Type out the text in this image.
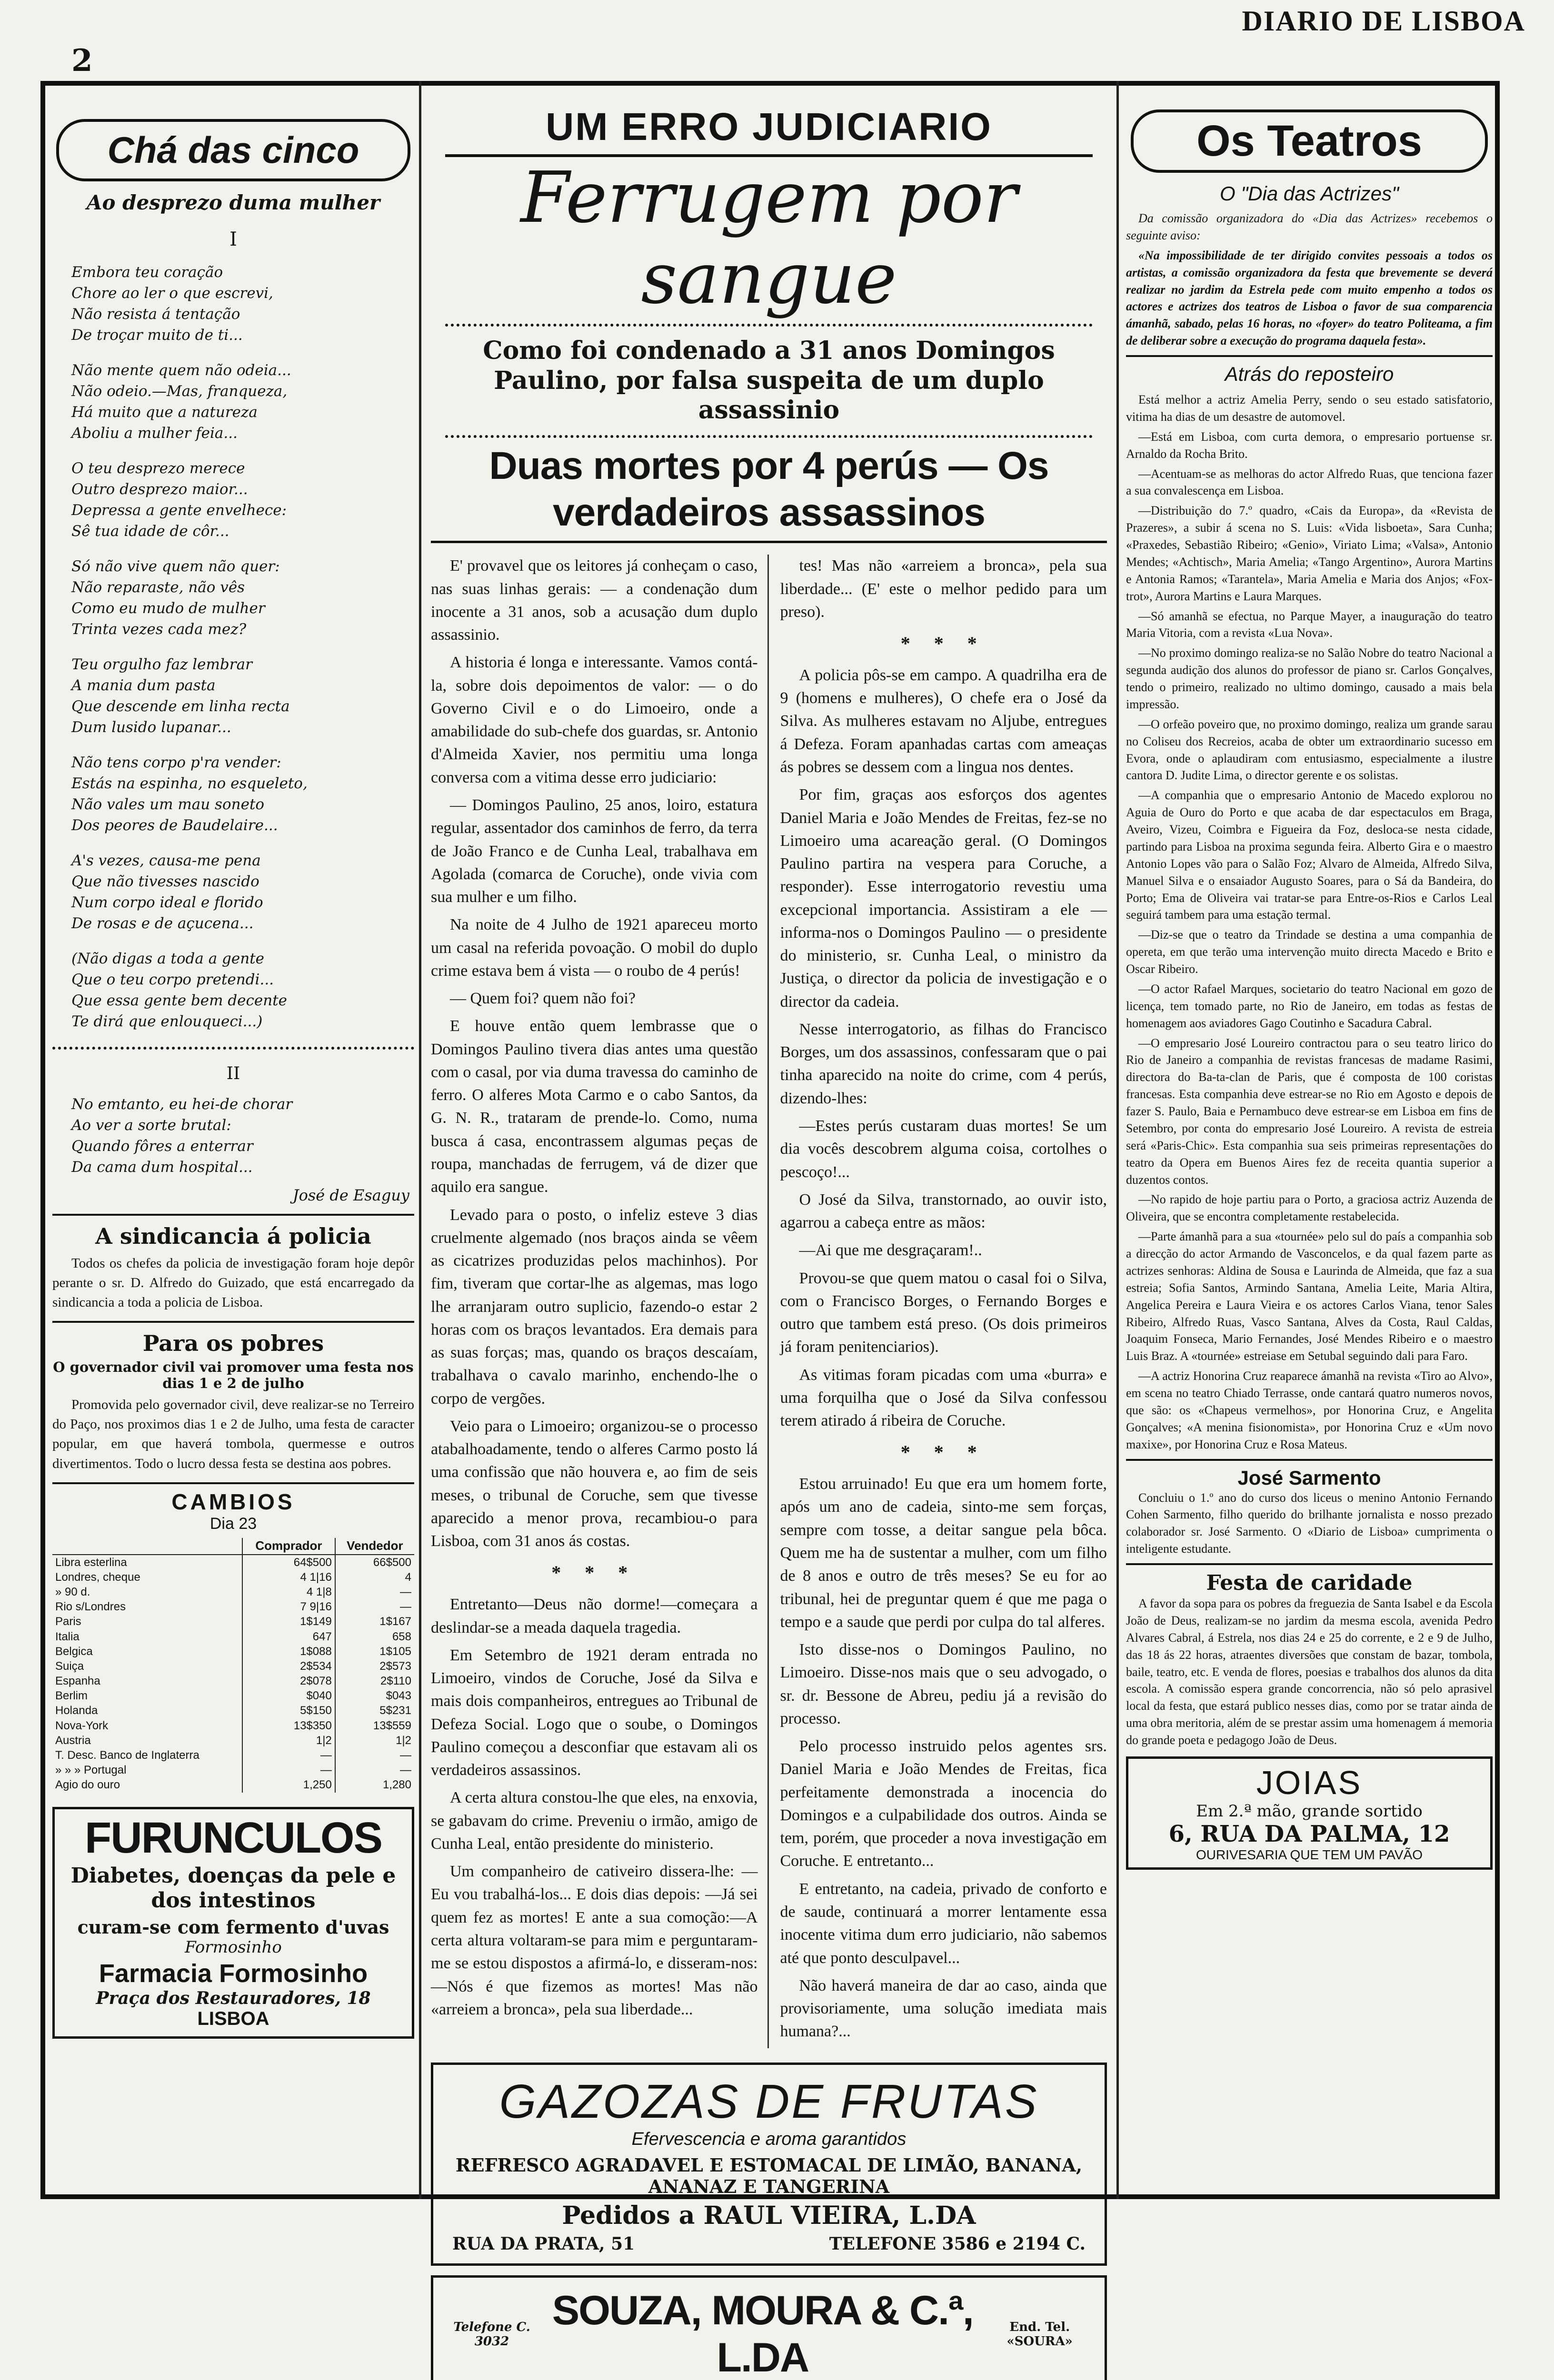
2
DIARIO DE LISBOA
Chá das cinco
Ao desprezo duma mulher
I

Embora teu coração

Chore ao ler o que escrevi,

Não resista á tentação

De troçar muito de ti...

Não mente quem não odeia...

Não odeio.—Mas, franqueza,

Há muito que a natureza

Aboliu a mulher feia...

O teu desprezo merece

Outro desprezo maior...

Depressa a gente envelhece:

Sê tua idade de côr...

Só não vive quem não quer:

Não reparaste, não vês

Como eu mudo de mulher

Trinta vezes cada mez?

Teu orgulho faz lembrar

A mania dum pasta

Que descende em linha recta

Dum lusido lupanar...

Não tens corpo p'ra vender:

Estás na espinha, no esqueleto,

Não vales um mau soneto

Dos peores de Baudelaire...

A's vezes, causa-me pena

Que não tivesses nascido

Num corpo ideal e florido

De rosas e de açucena...

(Não digas a toda a gente

Que o teu corpo pretendi...

Que essa gente bem decente

Te dirá que enlouqueci...)

II

No emtanto, eu hei-de chorar

Ao ver a sorte brutal:

Quando fôres a enterrar

Da cama dum hospital...

José de Esaguy
A sindicancia á policia

Todos os chefes da policia de investigação foram hoje depôr perante o sr. D. Alfredo do Guizado, que está encarregado da sindicancia a toda a policia de Lisboa.

Para os pobres
O governador civil vai promover uma festa nos dias 1 e 2 de julho

Promovida pelo governador civil, deve realizar-se no Terreiro do Paço, nos proximos dias 1 e 2 de Julho, uma festa de caracter popular, em que haverá tombola, quermesse e outros divertimentos. Todo o lucro dessa festa se destina aos pobres.

CAMBIOS
Dia 23
	Comprador	Vendedor
Libra esterlina	64$500	66$500
Londres, cheque	4 1|16	4
» 90 d.	4 1|8	—
Rio s/Londres	7 9|16	—
Paris	1$149	1$167
Italia	647	658
Belgica	1$088	1$105
Suiça	2$534	2$573
Espanha	2$078	2$110
Berlim	$040	$043
Holanda	5$150	5$231
Nova-York	13$350	13$559
Austria	1|2	1|2
T. Desc. Banco de Inglaterra	—	—
» » » Portugal	—	—
Agio do ouro	1,250	1,280
FURUNCULOS
Diabetes, doenças da pele e dos intestinos
curam-se com fermento d'uvas
Formosinho
Farmacia Formosinho
Praça dos Restauradores, 18
LISBOA
UM ERRO JUDICIARIO
Ferrugem por sangue
Como foi condenado a 31 anos Domingos Paulino, por falsa suspeita de um duplo assassinio
Duas mortes por 4 perús — Os verdadeiros assassinos

E' provavel que os leitores já conheçam o caso, nas suas linhas gerais: — a condenação dum inocente a 31 anos, sob a acusação dum duplo assassinio.

A historia é longa e interessante. Vamos contá-la, sobre dois depoimentos de valor: — o do Governo Civil e o do Limoeiro, onde a amabilidade do sub-chefe dos guardas, sr. Antonio d'Almeida Xavier, nos permitiu uma longa conversa com a vitima desse erro judiciario:

— Domingos Paulino, 25 anos, loiro, estatura regular, assentador dos caminhos de ferro, da terra de João Franco e de Cunha Leal, trabalhava em Agolada (comarca de Coruche), onde vivia com sua mulher e um filho.

Na noite de 4 Julho de 1921 apareceu morto um casal na referida povoação. O mobil do duplo crime estava bem á vista — o roubo de 4 perús!

— Quem foi? quem não foi?

E houve então quem lembrasse que o Domingos Paulino tivera dias antes uma questão com o casal, por via duma travessa do caminho de ferro. O alferes Mota Carmo e o cabo Santos, da G. N. R., trataram de prende-lo. Como, numa busca á casa, encontrassem algumas peças de roupa, manchadas de ferrugem, vá de dizer que aquilo era sangue.

Levado para o posto, o infeliz esteve 3 dias cruelmente algemado (nos braços ainda se vêem as cicatrizes produzidas pelos machinhos). Por fim, tiveram que cortar-lhe as algemas, mas logo lhe arranjaram outro suplicio, fazendo-o estar 2 horas com os braços levantados. Era demais para as suas forças; mas, quando os braços descaíam, trabalhava o cavalo marinho, enchendo-lhe o corpo de vergões.

Veio para o Limoeiro; organizou-se o processo atabalhoadamente, tendo o alferes Carmo posto lá uma confissão que não houvera e, ao fim de seis meses, o tribunal de Coruche, sem que tivesse aparecido a menor prova, recambiou-o para Lisboa, com 31 anos ás costas.

* * *

Entretanto—Deus não dorme!—começara a deslindar-se a meada daquela tragedia.

Em Setembro de 1921 deram entrada no Limoeiro, vindos de Coruche, José da Silva e mais dois companheiros, entregues ao Tribunal de Defeza Social. Logo que o soube, o Domingos Paulino começou a desconfiar que estavam ali os verdadeiros assassinos.

A certa altura constou-lhe que eles, na enxovia, se gabavam do crime. Preveniu o irmão, amigo de Cunha Leal, então presidente do ministerio.

Um companheiro de cativeiro dissera-lhe: —Eu vou trabalhá-los... E dois dias depois: —Já sei quem fez as mortes! E ante a sua comoção:—A certa altura voltaram-se para mim e perguntaram-me se estou dispostos a afirmá-lo, e disseram-nos:—Nós é que fizemos as mortes! Mas não «arreiem a bronca», pela sua liberdade...

tes! Mas não «arreiem a bronca», pela sua liberdade... (E' este o melhor pedido para um preso).

* * *

A policia pôs-se em campo. A quadrilha era de 9 (homens e mulheres), O chefe era o José da Silva. As mulheres estavam no Aljube, entregues á Defeza. Foram apanhadas cartas com ameaças ás pobres se dessem com a lingua nos dentes.

Por fim, graças aos esforços dos agentes Daniel Maria e João Mendes de Freitas, fez-se no Limoeiro uma acareação geral. (O Domingos Paulino partira na vespera para Coruche, a responder). Esse interrogatorio revestiu uma excepcional importancia. Assistiram a ele — informa-nos o Domingos Paulino — o presidente do ministerio, sr. Cunha Leal, o ministro da Justiça, o director da policia de investigação e o director da cadeia.

Nesse interrogatorio, as filhas do Francisco Borges, um dos assassinos, confessaram que o pai tinha aparecido na noite do crime, com 4 perús, dizendo-lhes:

—Estes perús custaram duas mortes! Se um dia vocês descobrem alguma coisa, cortolhes o pescoço!...

O José da Silva, transtornado, ao ouvir isto, agarrou a cabeça entre as mãos:

—Ai que me desgraçaram!..

Provou-se que quem matou o casal foi o Silva, com o Francisco Borges, o Fernando Borges e outro que tambem está preso. (Os dois primeiros já foram penitenciarios).

As vitimas foram picadas com uma «burra» e uma forquilha que o José da Silva confessou terem atirado á ribeira de Coruche.

* * *

Estou arruinado! Eu que era um homem forte, após um ano de cadeia, sinto-me sem forças, sempre com tosse, a deitar sangue pela bôca. Quem me ha de sustentar a mulher, com um filho de 8 anos e outro de três meses? Se eu for ao tribunal, hei de preguntar quem é que me paga o tempo e a saude que perdi por culpa do tal alferes.

Isto disse-nos o Domingos Paulino, no Limoeiro. Disse-nos mais que o seu advogado, o sr. dr. Bessone de Abreu, pediu já a revisão do processo.

Pelo processo instruido pelos agentes srs. Daniel Maria e João Mendes de Freitas, fica perfeitamente demonstrada a inocencia do Domingos e a culpabilidade dos outros. Ainda se tem, porém, que proceder a nova investigação em Coruche. E entretanto...

E entretanto, na cadeia, privado de conforto e de saude, continuará a morrer lentamente essa inocente vitima dum erro judiciario, não sabemos até que ponto desculpavel...

Não haverá maneira de dar ao caso, ainda que provisoriamente, uma solução imediata mais humana?...

GAZOZAS DE FRUTAS
Efervescencia e aroma garantidos
REFRESCO AGRADAVEL E ESTOMACAL DE LIMÃO, BANANA,
ANANAZ E TANGERINA
Pedidos a RAUL VIEIRA, L.DA
RUA DA PRATA, 51	TELEFONE 3586 e 2194 C.
Telefone C. 3032
SOUZA, MOURA & C.ª, L.DA
End. Tel. «SOURA»
Os Teatros
O "Dia das Actrizes"

Da comissão organizadora do «Dia das Actrizes» recebemos o seguinte aviso:

«Na impossibilidade de ter dirigido convites pessoais a todos os artistas, a comissão organizadora da festa que brevemente se deverá realizar no jardim da Estrela pede com muito empenho a todos os actores e actrizes dos teatros de Lisboa o favor de sua comparencia ámanhã, sabado, pelas 16 horas, no «foyer» do teatro Politeama, a fim de deliberar sobre a execução do programa daquela festa».

Atrás do reposteiro

Está melhor a actriz Amelia Perry, sendo o seu estado satisfatorio, vitima ha dias de um desastre de automovel.

—Está em Lisboa, com curta demora, o empresario portuense sr. Arnaldo da Rocha Brito.

—Acentuam-se as melhoras do actor Alfredo Ruas, que tenciona fazer a sua convalescença em Lisboa.

—Distribuição do 7.º quadro, «Cais da Europa», da «Revista de Prazeres», a subir á scena no S. Luis: «Vida lisboeta», Sara Cunha; «Praxedes, Sebastião Ribeiro; «Genio», Viriato Lima; «Valsa», Antonio Mendes; «Achtisch», Maria Amelia; «Tango Argentino», Aurora Martins e Antonia Ramos; «Tarantela», Maria Amelia e Maria dos Anjos; «Fox-trot», Aurora Martins e Laura Marques.

—Só amanhã se efectua, no Parque Mayer, a inauguração do teatro Maria Vitoria, com a revista «Lua Nova».

—No proximo domingo realiza-se no Salão Nobre do teatro Nacional a segunda audição dos alunos do professor de piano sr. Carlos Gonçalves, tendo o primeiro, realizado no ultimo domingo, causado a mais bela impressão.

—O orfeão poveiro que, no proximo domingo, realiza um grande sarau no Coliseu dos Recreios, acaba de obter um extraordinario sucesso em Evora, onde o aplaudiram com entusiasmo, especialmente a ilustre cantora D. Judite Lima, o director gerente e os solistas.

—A companhia que o empresario Antonio de Macedo explorou no Aguia de Ouro do Porto e que acaba de dar espectaculos em Braga, Aveiro, Vizeu, Coimbra e Figueira da Foz, desloca-se nesta cidade, partindo para Lisboa na proxima segunda feira. Alberto Gira e o maestro Antonio Lopes vão para o Salão Foz; Alvaro de Almeida, Alfredo Silva, Manuel Silva e o ensaiador Augusto Soares, para o Sá da Bandeira, do Porto; Ema de Oliveira vai tratar-se para Entre-os-Rios e Carlos Leal seguirá tambem para uma estação termal.

—Diz-se que o teatro da Trindade se destina a uma companhia de opereta, em que terão uma intervenção muito directa Macedo e Brito e Oscar Ribeiro.

—O actor Rafael Marques, societario do teatro Nacional em gozo de licença, tem tomado parte, no Rio de Janeiro, em todas as festas de homenagem aos aviadores Gago Coutinho e Sacadura Cabral.

—O empresario José Loureiro contractou para o seu teatro lirico do Rio de Janeiro a companhia de revistas francesas de madame Rasimi, directora do Ba-ta-clan de Paris, que é composta de 100 coristas francesas. Esta companhia deve estrear-se no Rio em Agosto e depois de fazer S. Paulo, Baia e Pernambuco deve estrear-se em Lisboa em fins de Setembro, por conta do empresario José Loureiro. A revista de estreia será «Paris-Chic». Esta companhia sua seis primeiras representações do teatro da Opera em Buenos Aires fez de receita quantia superior a duzentos contos.

—No rapido de hoje partiu para o Porto, a graciosa actriz Auzenda de Oliveira, que se encontra completamente restabelecida.

—Parte ámanhã para a sua «tournée» pelo sul do país a companhia sob a direcção do actor Armando de Vasconcelos, e da qual fazem parte as actrizes senhoras: Aldina de Sousa e Laurinda de Almeida, que faz a sua estreia; Sofia Santos, Armindo Santana, Amelia Leite, Maria Altira, Angelica Pereira e Laura Vieira e os actores Carlos Viana, tenor Sales Ribeiro, Alfredo Ruas, Vasco Santana, Alves da Costa, Raul Caldas, Joaquim Fonseca, Mario Fernandes, José Mendes Ribeiro e o maestro Luis Braz. A «tournée» estreiase em Setubal seguindo dali para Faro.

—A actriz Honorina Cruz reaparece ámanhã na revista «Tiro ao Alvo», em scena no teatro Chiado Terrasse, onde cantará quatro numeros novos, que são: os «Chapeus vermelhos», por Honorina Cruz, e Angelita Gonçalves; «A menina fisionomista», por Honorina Cruz e «Um novo maxixe», por Honorina Cruz e Rosa Mateus.

José Sarmento

Concluiu o 1.º ano do curso dos liceus o menino Antonio Fernando Cohen Sarmento, filho querido do brilhante jornalista e nosso prezado colaborador sr. José Sarmento. O «Diario de Lisboa» cumprimenta o inteligente estudante.

Festa de caridade

A favor da sopa para os pobres da freguezia de Santa Isabel e da Escola João de Deus, realizam-se no jardim da mesma escola, avenida Pedro Alvares Cabral, á Estrela, nos dias 24 e 25 do corrente, e 2 e 9 de Julho, das 18 ás 22 horas, atraentes diversões que constam de bazar, tombola, baile, teatro, etc. E venda de flores, poesias e trabalhos dos alunos da dita escola. A comissão espera grande concorrencia, não só pelo aprasivel local da festa, que estará publico nesses dias, como por se tratar ainda de uma obra meritoria, além de se prestar assim uma homenagem á memoria do grande poeta e pedagogo João de Deus.

JOIAS
Em 2.ª mão, grande sortido
6, RUA DA PALMA, 12
OURIVESARIA QUE TEM UM PAVÃO
